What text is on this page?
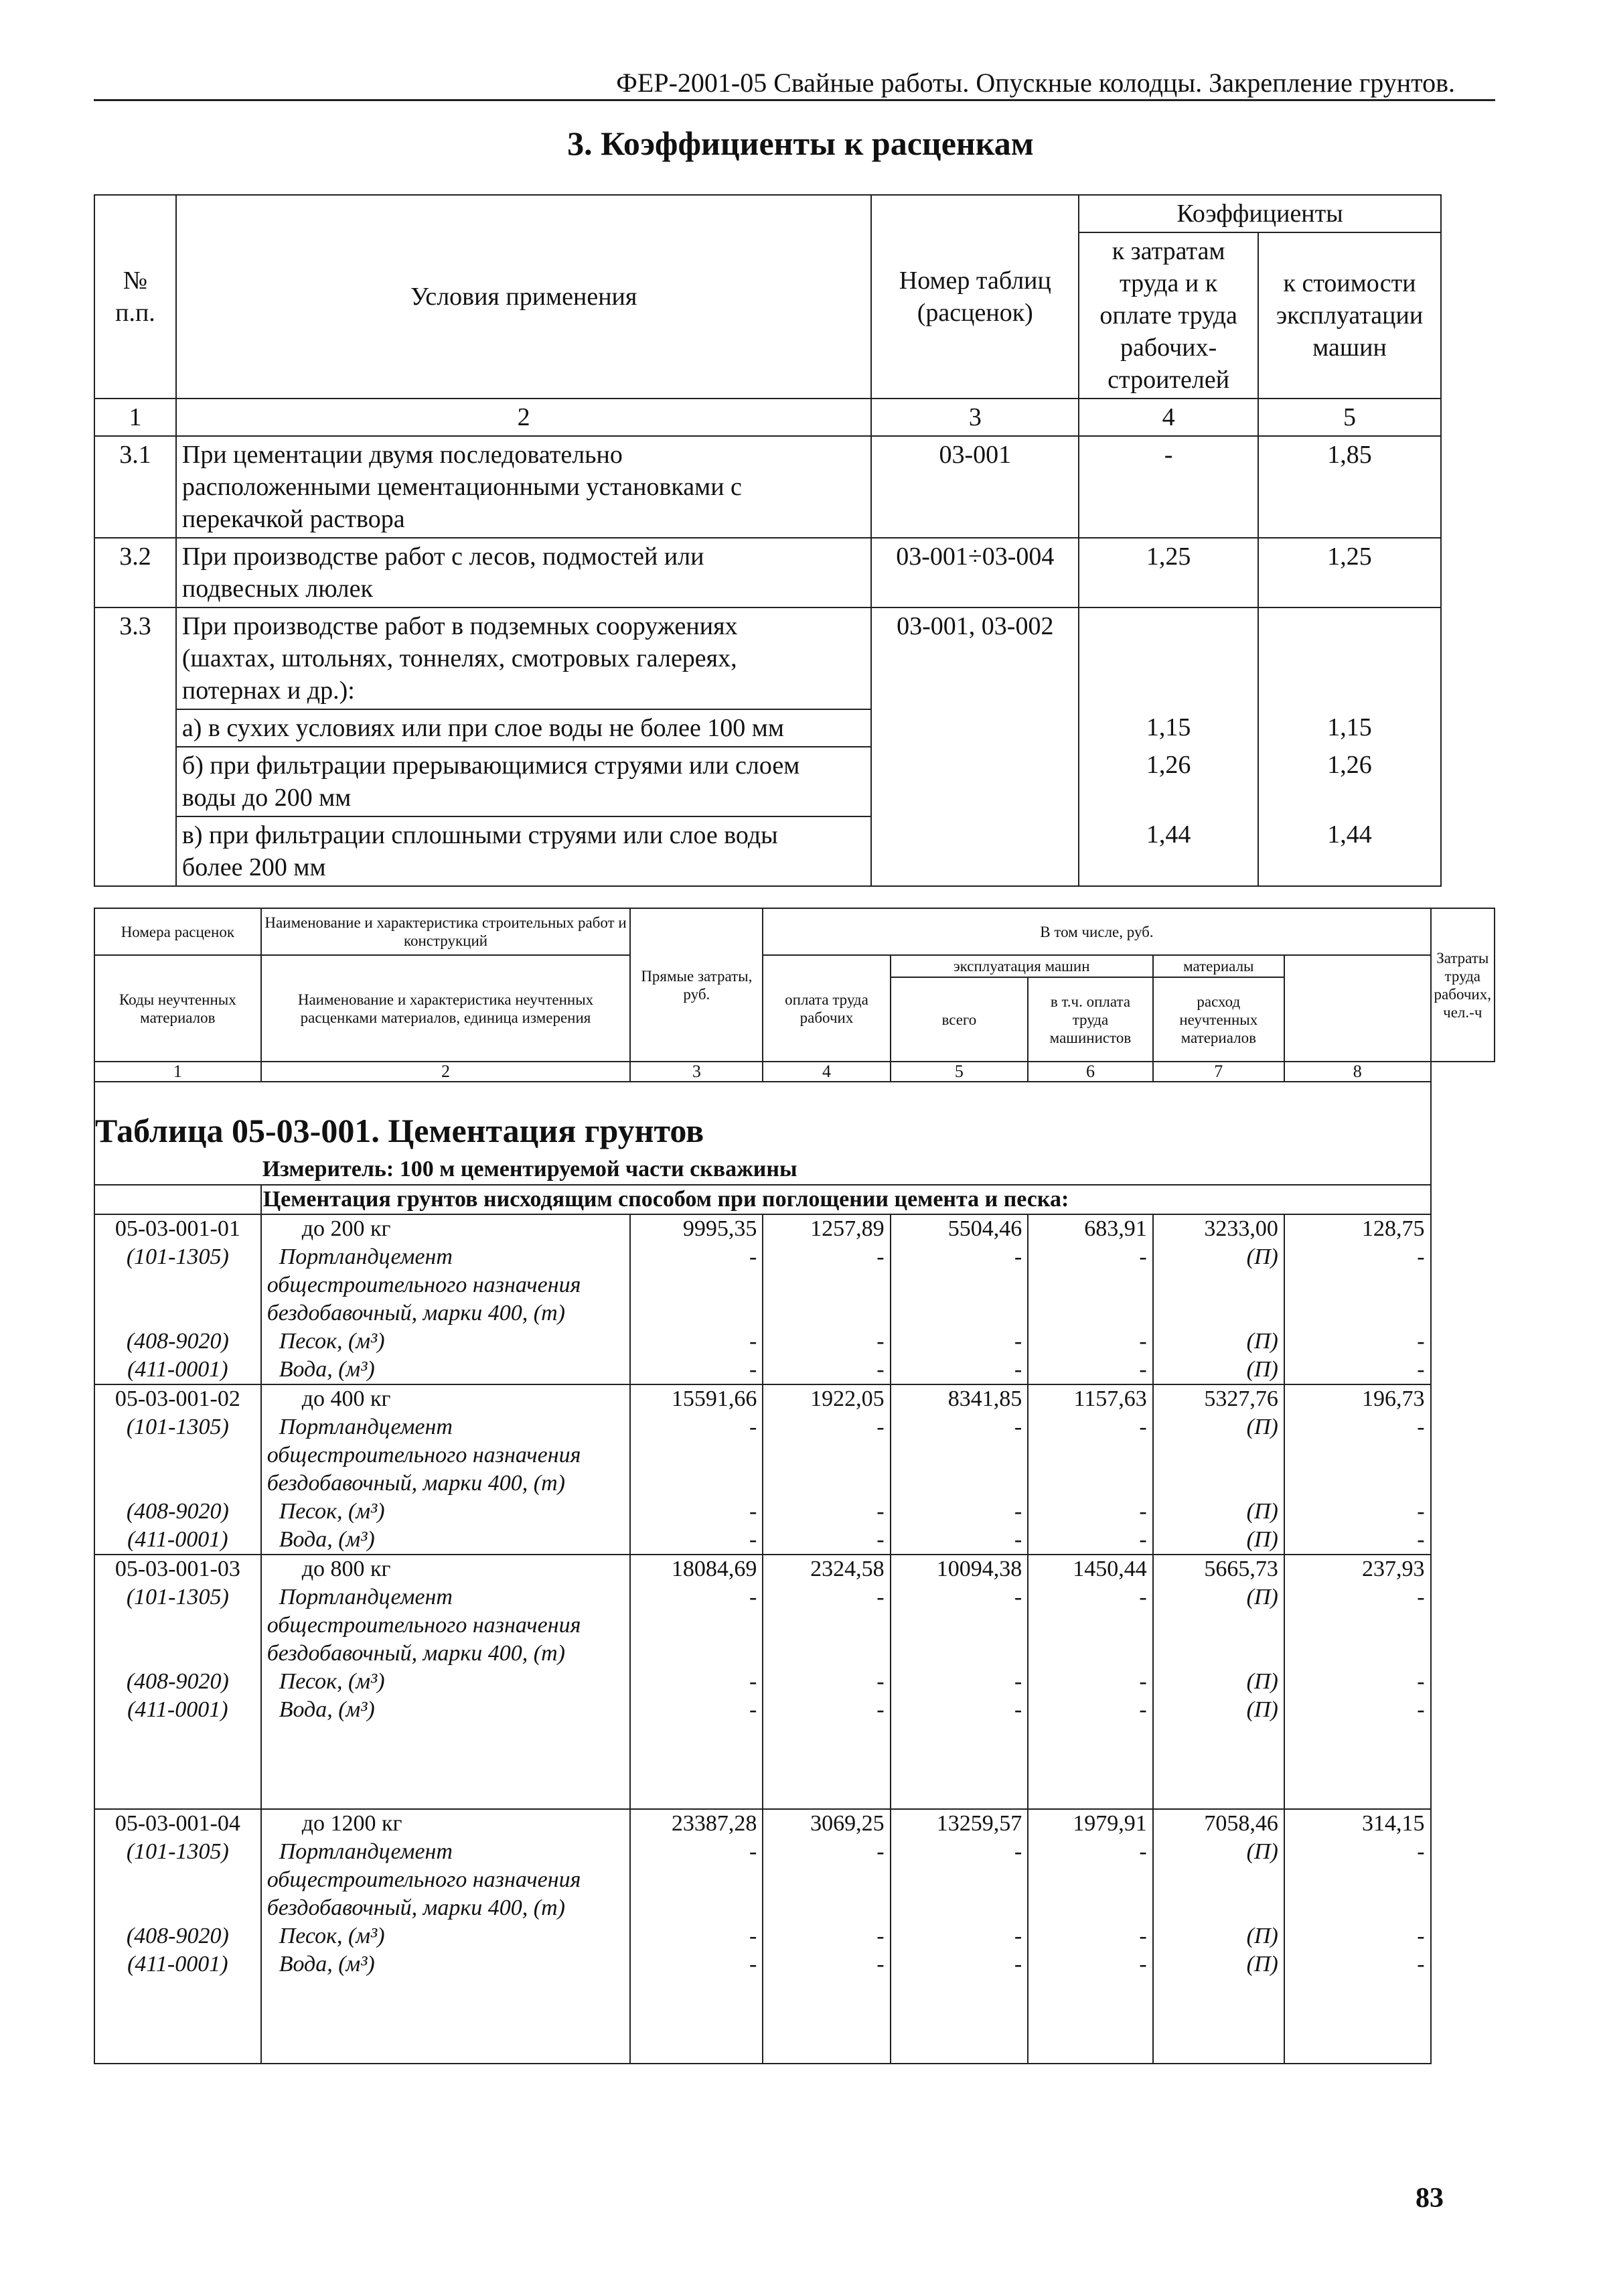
ФЕР-2001-05 Свайные работы. Опускные колодцы. Закрепление грунтов.
3. Коэффициенты к расценкам
№ п.п.	Условия применения	Номер таблиц (расценок)	Коэффициенты	
			к затратам труда и к оплате труда рабочих-строителей	к стоимости эксплуатации машин
1	2	3	4	5
3.1	При цементации двумя последовательно
расположенными цементационными установками с
перекачкой раствора	03-001	-	1,85
3.2	При производстве работ с лесов, подмостей или
подвесных люлек	03-001÷03-004	1,25	1,25
3.3	При производстве работ в подземных сооружениях
(шахтах, штольнях, тоннелях, смотровых галереях,
потернах и др.):	03-001, 03-002		

	а) в сухих условиях или при слое воды не более 100 мм		1,15	1,15

	б) при фильтрации прерывающимися струями или слоем
воды до 200 мм		1,26	1,26

	в) при фильтрации сплошными струями или слое воды
более 200 мм		1,44	1,44
Номера расценок	Наименование и характеристика строительных работ и конструкций	Прямые затраты, руб.	В том числе, руб.					Затраты труда рабочих, чел.-ч
Коды неучтенных материалов	Наименование и характеристика неучтенных расценками материалов, единица измерения		оплата труда рабочих	эксплуатация машин		материалы		
				всего	в т.ч. оплата труда машинистов	расход неучтенных материалов		

1	2	3	4	5	6	7	8	
Таблица 05-03-001. Цементация грунтов								
	Измеритель: 100 м цементируемой части скважины							
	Цементация грунтов нисходящим способом при поглощении цемента и песка:							
05-03-001-01	до 200 кг	9995,35	1257,89	5504,46	683,91	3233,00	128,75	
(101-1305)	Портландцемент	-	-	-	-	(П)	-	
	общестроительного назначения							
	бездобавочный, марки 400, (т)							
(408-9020)	Песок, (м³)	-	-	-	-	(П)	-	
(411-0001)	Вода, (м³)	-	-	-	-	(П)	-	
05-03-001-02	до 400 кг	15591,66	1922,05	8341,85	1157,63	5327,76	196,73	
(101-1305)	Портландцемент	-	-	-	-	(П)	-	
	общестроительного назначения							
	бездобавочный, марки 400, (т)							
(408-9020)	Песок, (м³)	-	-	-	-	(П)	-	
(411-0001)	Вода, (м³)	-	-	-	-	(П)	-	
05-03-001-03	до 800 кг	18084,69	2324,58	10094,38	1450,44	5665,73	237,93	
(101-1305)	Портландцемент	-	-	-	-	(П)	-	
	общестроительного назначения							
	бездобавочный, марки 400, (т)							
(408-9020)	Песок, (м³)	-	-	-	-	(П)	-	
(411-0001)	Вода, (м³)	-	-	-	-	(П)	-	

05-03-001-04	до 1200 кг	23387,28	3069,25	13259,57	1979,91	7058,46	314,15	
(101-1305)	Портландцемент	-	-	-	-	(П)	-	
	общестроительного назначения							
	бездобавочный, марки 400, (т)							
(408-9020)	Песок, (м³)	-	-	-	-	(П)	-	
(411-0001)	Вода, (м³)	-	-	-	-	(П)	-	

83
